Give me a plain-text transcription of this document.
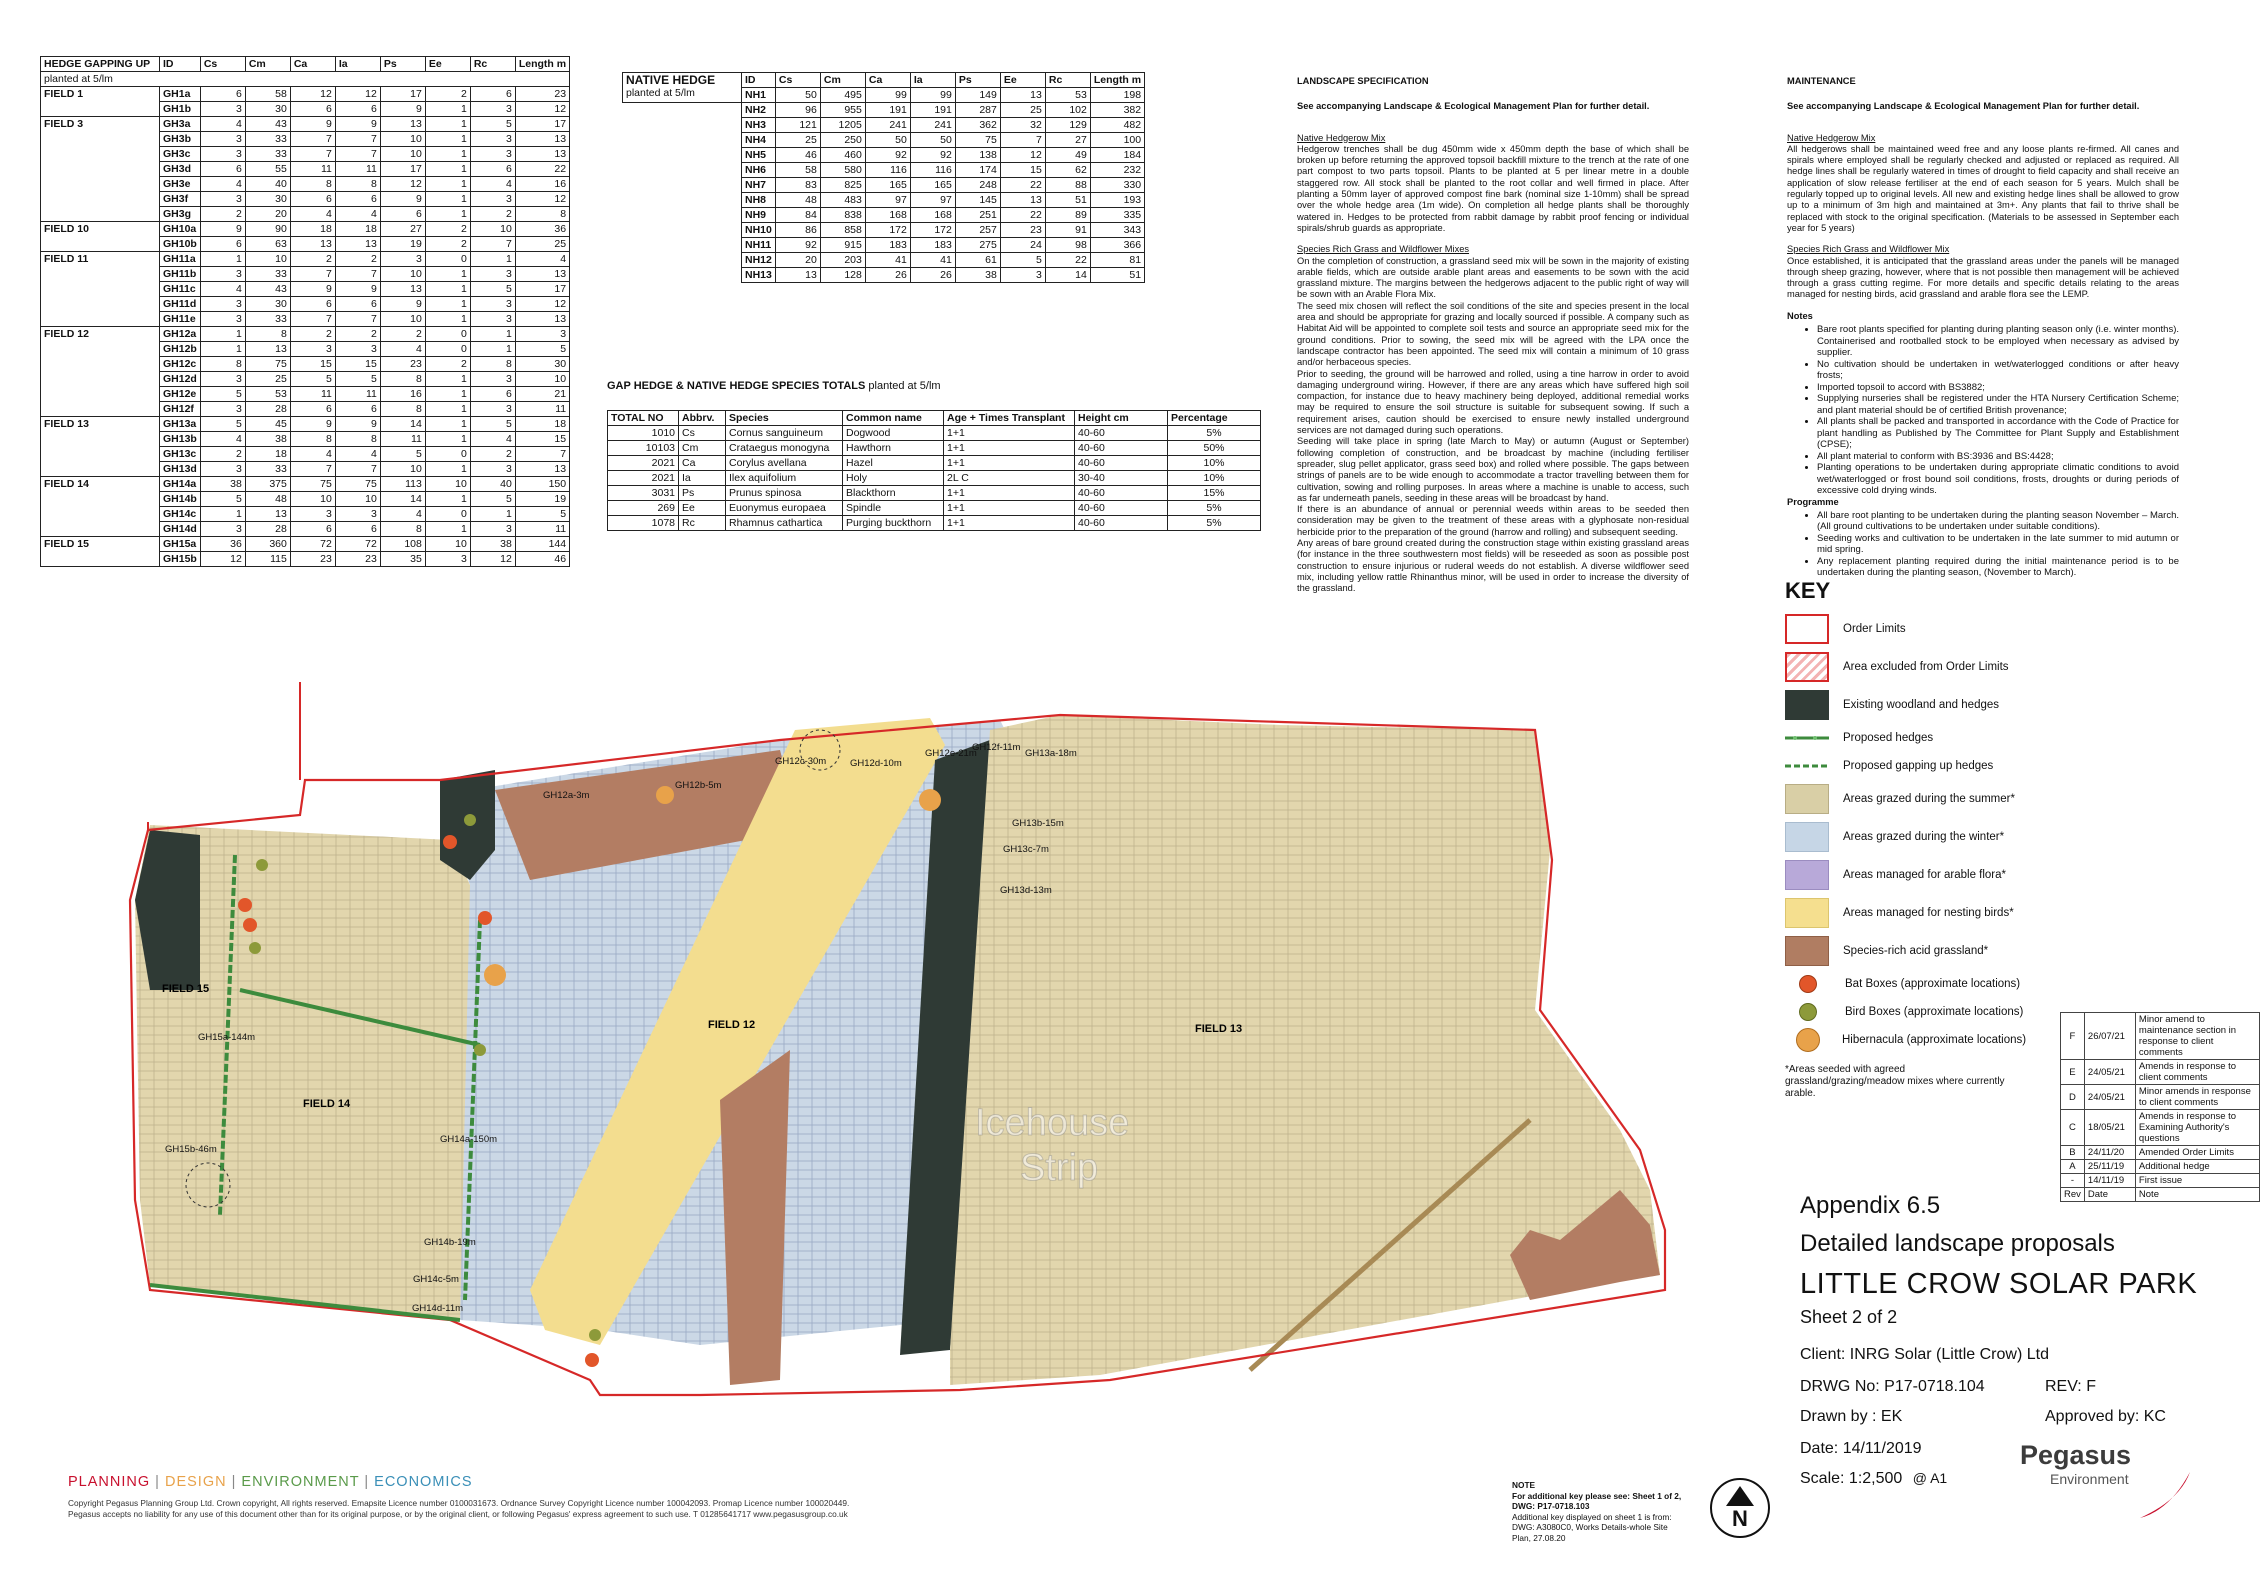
HEDGE GAPPING UP	ID	Cs	Cm	Ca	Ia	Ps	Ee	Rc	Length m
planted at 5/lm									
FIELD 1	GH1a	6	58	12	12	17	2	6	23
	GH1b	3	30	6	6	9	1	3	12
FIELD 3	GH3a	4	43	9	9	13	1	5	17
	GH3b	3	33	7	7	10	1	3	13
	GH3c	3	33	7	7	10	1	3	13
	GH3d	6	55	11	11	17	1	6	22
	GH3e	4	40	8	8	12	1	4	16
	GH3f	3	30	6	6	9	1	3	12
	GH3g	2	20	4	4	6	1	2	8
FIELD 10	GH10a	9	90	18	18	27	2	10	36
	GH10b	6	63	13	13	19	2	7	25
FIELD 11	GH11a	1	10	2	2	3	0	1	4
	GH11b	3	33	7	7	10	1	3	13
	GH11c	4	43	9	9	13	1	5	17
	GH11d	3	30	6	6	9	1	3	12
	GH11e	3	33	7	7	10	1	3	13
FIELD 12	GH12a	1	8	2	2	2	0	1	3
	GH12b	1	13	3	3	4	0	1	5
	GH12c	8	75	15	15	23	2	8	30
	GH12d	3	25	5	5	8	1	3	10
	GH12e	5	53	11	11	16	1	6	21
	GH12f	3	28	6	6	8	1	3	11
FIELD 13	GH13a	5	45	9	9	14	1	5	18
	GH13b	4	38	8	8	11	1	4	15
	GH13c	2	18	4	4	5	0	2	7
	GH13d	3	33	7	7	10	1	3	13
FIELD 14	GH14a	38	375	75	75	113	10	40	150
	GH14b	5	48	10	10	14	1	5	19
	GH14c	1	13	3	3	4	0	1	5
	GH14d	3	28	6	6	8	1	3	11
FIELD 15	GH15a	36	360	72	72	108	10	38	144
	GH15b	12	115	23	23	35	3	12	46
NATIVE HEDGE
planted at 5/lm	ID	Cs	Cm	Ca	Ia	Ps	Ee	Rc	Length m
	NH1	50	495	99	99	149	13	53	198
	NH2	96	955	191	191	287	25	102	382
	NH3	121	1205	241	241	362	32	129	482
	NH4	25	250	50	50	75	7	27	100
	NH5	46	460	92	92	138	12	49	184
	NH6	58	580	116	116	174	15	62	232
	NH7	83	825	165	165	248	22	88	330
	NH8	48	483	97	97	145	13	51	193
	NH9	84	838	168	168	251	22	89	335
	NH10	86	858	172	172	257	23	91	343
	NH11	92	915	183	183	275	24	98	366
	NH12	20	203	41	41	61	5	22	81
	NH13	13	128	26	26	38	3	14	51
GAP HEDGE & NATIVE HEDGE SPECIES TOTALS planted at 5/lm
TOTAL NO	Abbrv.	Species	Common name	Age + Times Transplant	Height cm	Percentage
1010	Cs	Cornus sanguineum	Dogwood	1+1	40-60	5%
10103	Cm	Crataegus monogyna	Hawthorn	1+1	40-60	50%
2021	Ca	Corylus avellana	Hazel	1+1	40-60	10%
2021	Ia	Ilex aquifolium	Holy	2L C	30-40	10%
3031	Ps	Prunus spinosa	Blackthorn	1+1	40-60	15%
269	Ee	Euonymus europaea	Spindle	1+1	40-60	5%
1078	Rc	Rhamnus cathartica	Purging buckthorn	1+1	40-60	5%
LANDSCAPE SPECIFICATION
See accompanying Landscape & Ecological Management Plan for further detail.

Native Hedgerow Mix

Hedgerow trenches shall be dug 450mm wide x 450mm depth the base of which shall be broken up before returning the approved topsoil backfill mixture to the trench at the rate of one part compost to two parts topsoil. Plants to be planted at 5 per linear metre in a double staggered row. All stock shall be planted to the root collar and well firmed in place. After planting a 50mm layer of approved compost fine bark (nominal size 1-10mm) shall be spread over the whole hedge area (1m wide). On completion all hedge plants shall be thoroughly watered in. Hedges to be protected from rabbit damage by rabbit proof fencing or individual spirals/shrub guards as appropriate.

Species Rich Grass and Wildflower Mixes

On the completion of construction, a grassland seed mix will be sown in the majority of existing arable fields, which are outside arable plant areas and easements to be sown with the acid grassland mixture. The margins between the hedgerows adjacent to the public right of way will be sown with an Arable Flora Mix.

The seed mix chosen will reflect the soil conditions of the site and species present in the local area and should be appropriate for grazing and locally sourced if possible. A company such as Habitat Aid will be appointed to complete soil tests and source an appropriate seed mix for the ground conditions. Prior to sowing, the seed mix will be agreed with the LPA once the landscape contractor has been appointed. The seed mix will contain a minimum of 10 grass and/or herbaceous species.

Prior to seeding, the ground will be harrowed and rolled, using a tine harrow in order to avoid damaging underground wiring. However, if there are any areas which have suffered high soil compaction, for instance due to heavy machinery being deployed, additional remedial works may be required to ensure the soil structure is suitable for subsequent sowing. If such a requirement arises, caution should be exercised to ensure newly installed underground services are not damaged during such operations.

Seeding will take place in spring (late March to May) or autumn (August or September) following completion of construction, and be broadcast by machine (including fertiliser spreader, slug pellet applicator, grass seed box) and rolled where possible. The gaps between strings of panels are to be wide enough to accommodate a tractor travelling between them for cultivation, sowing and rolling purposes. In areas where a machine is unable to access, such as far underneath panels, seeding in these areas will be broadcast by hand.

If there is an abundance of annual or perennial weeds within areas to be seeded then consideration may be given to the treatment of these areas with a glyphosate non-residual herbicide prior to the preparation of the ground (harrow and rolling) and subsequent seeding.

Any areas of bare ground created during the construction stage within existing grassland areas (for instance in the three southwestern most fields) will be reseeded as soon as possible post construction to ensure injurious or ruderal weeds do not establish. A diverse wildflower seed mix, including yellow rattle Rhinanthus minor, will be used in order to increase the diversity of the grassland.

MAINTENANCE
See accompanying Landscape & Ecological Management Plan for further detail.

Native Hedgerow Mix

All hedgerows shall be maintained weed free and any loose plants re-firmed. All canes and spirals where employed shall be regularly checked and adjusted or replaced as required. All hedge lines shall be regularly watered in times of drought to field capacity and shall receive an application of slow release fertiliser at the end of each season for 5 years. Mulch shall be regularly topped up to original levels. All new and existing hedge lines shall be allowed to grow up to a minimum of 3m high and maintained at 3m+. Any plants that fail to thrive shall be replaced with stock to the original specification. (Materials to be assessed in September each year for 5 years)

Species Rich Grass and Wildflower Mix

Once established, it is anticipated that the grassland areas under the panels will be managed through sheep grazing, however, where that is not possible then management will be achieved through a grass cutting regime. For more details and specific details relating to the areas managed for nesting birds, acid grassland and arable flora see the LEMP.

Notes

• Bare root plants specified for planting during planting season only (i.e. winter months). Containerised and rootballed stock to be employed when necessary as advised by supplier.
• No cultivation should be undertaken in wet/waterlogged conditions or after heavy frosts;
• Imported topsoil to accord with BS3882;
• Supplying nurseries shall be registered under the HTA Nursery Certification Scheme; and plant material should be of certified British provenance;
• All plants shall be packed and transported in accordance with the Code of Practice for plant handling as Published by The Committee for Plant Supply and Establishment (CPSE);
• All plant material to conform with BS:3936 and BS:4428;
• Planting operations to be undertaken during appropriate climatic conditions to avoid wet/waterlogged or frost bound soil conditions, frosts, droughts or during periods of excessive cold drying winds.

Programme

• All bare root planting to be undertaken during the planting season November – March. (All ground cultivations to be undertaken under suitable conditions).
• Seeding works and cultivation to be undertaken in the late summer to mid autumn or mid spring.
• Any replacement planting required during the initial maintenance period is to be undertaken during the planting season, (November to March).
KEY
Order Limits
Area excluded from Order Limits
Existing woodland and hedges
Proposed hedges
Proposed gapping up hedges
Areas grazed during the summer*
Areas grazed during the winter*
Areas managed for arable flora*
Areas managed for nesting birds*
Species-rich acid grassland*
Bat Boxes (approximate locations)
Bird Boxes (approximate locations)
Hibernacula (approximate locations)
*Areas seeded with agreed grassland/grazing/meadow mixes where currently arable.
F	26/07/21	Minor amend to maintenance section in response to client comments
E	24/05/21	Amends in response to client comments
D	24/05/21	Minor amends in response to client comments
C	18/05/21	Amends in response to Examining Authority's questions
B	24/11/20	Amended Order Limits
A	25/11/19	Additional hedge
-	14/11/19	First issue
Rev	Date	Note
Appendix 6.5
Detailed landscape proposals
LITTLE CROW SOLAR PARK
Sheet 2 of 2
Client: INRG Solar (Little Crow) Ltd
DRWG No: P17-0718.104	REV: F
Drawn by : EK	Approved by: KC
Date: 14/11/2019
Scale: 1:2,500 @ A1
Pegasus
Environment
PLANNING | DESIGN | ENVIRONMENT | ECONOMICS
Copyright Pegasus Planning Group Ltd. Crown copyright, All rights reserved. Emapsite Licence number 0100031673. Ordnance Survey Copyright Licence number 100042093. Promap Licence number 100020449.
Pegasus accepts no liability for any use of this document other than for its original purpose, or by the original client, or following Pegasus' express agreement to such use. T 01285641717 www.pegasusgroup.co.uk
NOTE
For additional key please see: Sheet 1 of 2, DWG: P17-0718.103
Additional key displayed on sheet 1 is from: DWG: A3080C0, Works Details-whole Site Plan, 27.08.20
N
FIELD 15
FIELD 14
FIELD 12	FIELD 13
Icehouse
Strip
GH12a-3m
GH12b-5m
GH12c-30m	GH12d-10m
GH12e-21m
GH12f-11m
GH13a-18m
GH13b-15m
GH13c-7m
GH13d-13m
GH15a-144m
GH15b-46m
GH14a-150m
GH14b-19m
GH14c-5m
GH14d-11m
